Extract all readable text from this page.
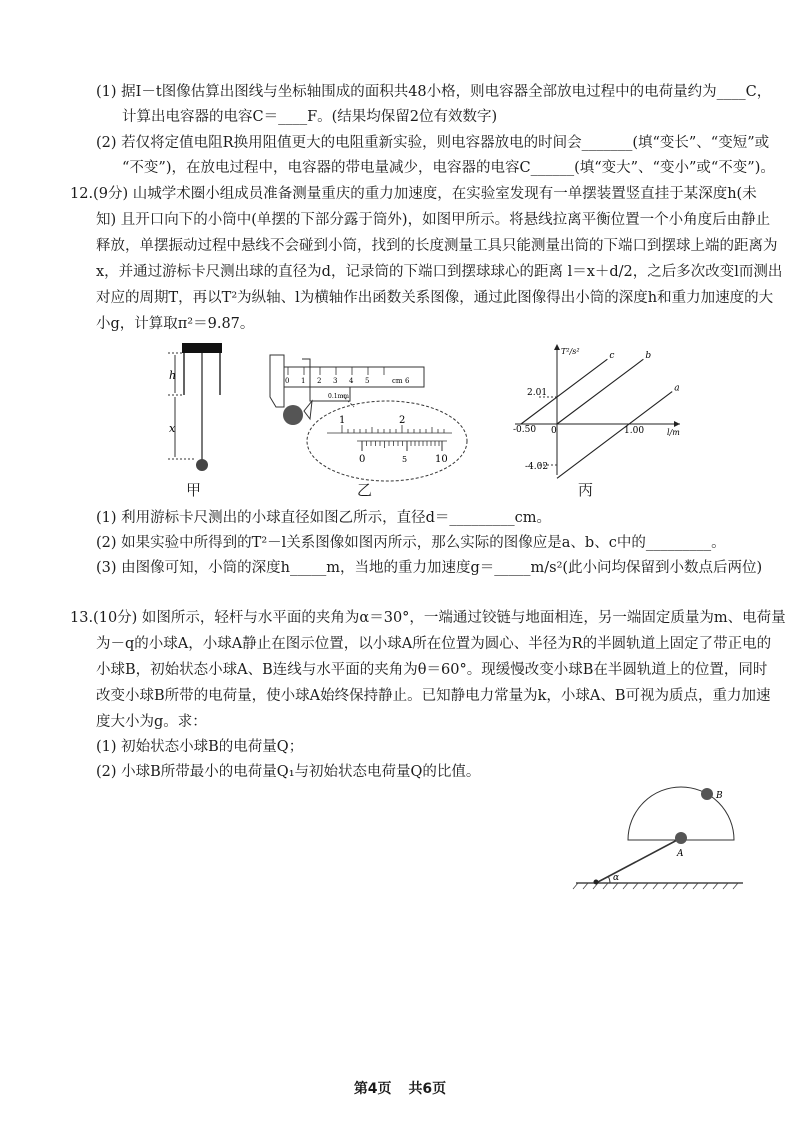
(1) 据I－t图像估算出图线与坐标轴围成的面积共48小格，则电容器全部放电过程中的电荷量约为____C，
计算出电容器的电容C＝____F。(结果均保留2位有效数字)
(2) 若仅将定值电阻R换用阻值更大的电阻重新实验，则电容器放电的时间会_______(填“变长”、“变短”或
“不变”)，在放电过程中，电容器的带电量减少，电容器的电容C______(填“变大”、“变小”或“不变”)。
12.(9分) 山城学术圈小组成员准备测量重庆的重力加速度，在实验室发现有一单摆装置竖直挂于某深度h(未
知) 且开口向下的小筒中(单摆的下部分露于筒外)，如图甲所示。将悬线拉离平衡位置一个小角度后由静止
释放，单摆振动过程中悬线不会碰到小筒，找到的长度测量工具只能测量出筒的下端口到摆球上端的距离为
x，并通过游标卡尺测出球的直径为d，记录筒的下端口到摆球球心的距离 l＝x＋d/2，之后多次改变l而测出
对应的周期T，再以T²为纵轴、l为横轴作出函数关系图像，通过此图像得出小筒的深度h和重力加速度的大
小g，计算取π²＝9.87。
h
x
甲
0 1 2 3 4 5	cm 6
0.1mm
1	2
0	5	10
乙
T²/s²
l/m
2.01
-4.02
-0.50 0	1.00
a
b
c
丙
(1) 利用游标卡尺测出的小球直径如图乙所示，直径d＝_________cm。
(2) 如果实验中所得到的T²－l关系图像如图丙所示，那么实际的图像应是a、b、c中的_________。
(3) 由图像可知，小筒的深度h_____m，当地的重力加速度g＝_____m/s²(此小问均保留到小数点后两位)
13.(10分) 如图所示，轻杆与水平面的夹角为α＝30°，一端通过铰链与地面相连，另一端固定质量为m、电荷量
为－q的小球A，小球A静止在图示位置，以小球A所在位置为圆心、半径为R的半圆轨道上固定了带正电的
小球B，初始状态小球A、B连线与水平面的夹角为θ＝60°。现缓慢改变小球B在半圆轨道上的位置，同时
改变小球B所带的电荷量，使小球A始终保持静止。已知静电力常量为k，小球A、B可视为质点，重力加速
度大小为g。求：
(1) 初始状态小球B的电荷量Q；
(2) 小球B所带最小的电荷量Q₁与初始状态电荷量Q的比值。
α
A
B
第4页 共6页
